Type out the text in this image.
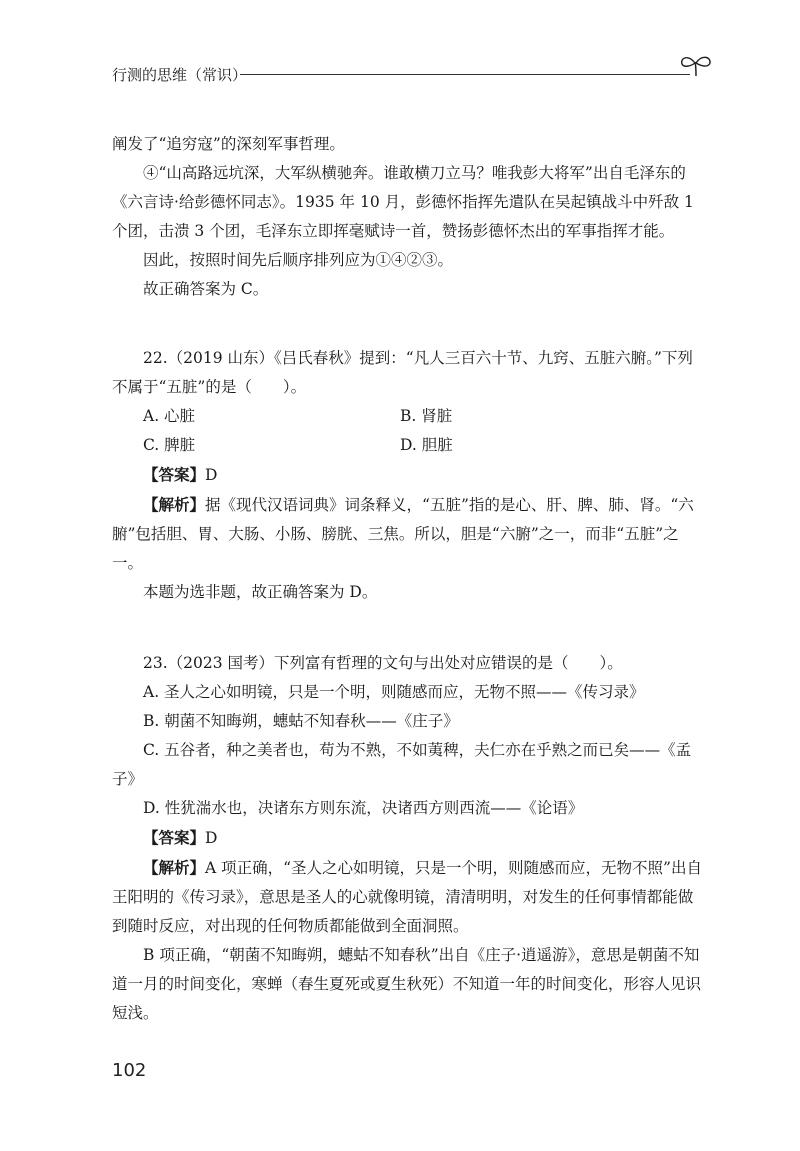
行测的思维（常识）

阐发了“追穷寇”的深刻军事哲理。

④“山高路远坑深，大军纵横驰奔。谁敢横刀立马？唯我彭大将军”出自毛泽东的《六言诗·给彭德怀同志》。1935 年 10 月，彭德怀指挥先遣队在吴起镇战斗中歼敌 1 个团，击溃 3 个团，毛泽东立即挥毫赋诗一首，赞扬彭德怀杰出的军事指挥才能。

因此，按照时间先后顺序排列应为①④②③。

故正确答案为 C。

22.（2019 山东）《吕氏春秋》提到：“凡人三百六十节、九窍、五脏六腑。”下列不属于“五脏”的是（　　）。

A. 心脏	B. 肾脏
C. 脾脏	D. 胆脏

【答案】D

【解析】据《现代汉语词典》词条释义，“五脏”指的是心、肝、脾、肺、肾。“六腑”包括胆、胃、大肠、小肠、膀胱、三焦。所以，胆是“六腑”之一，而非“五脏”之一。

本题为选非题，故正确答案为 D。

23.（2023 国考）下列富有哲理的文句与出处对应错误的是（　　）。

A. 圣人之心如明镜，只是一个明，则随感而应，无物不照——《传习录》

B. 朝菌不知晦朔，蟪蛄不知春秋——《庄子》

C. 五谷者，种之美者也，苟为不熟，不如荑稗，夫仁亦在乎熟之而已矣——《孟子》

D. 性犹湍水也，决诸东方则东流，决诸西方则西流——《论语》

【答案】D

【解析】A 项正确，“圣人之心如明镜，只是一个明，则随感而应，无物不照”出自王阳明的《传习录》，意思是圣人的心就像明镜，清清明明，对发生的任何事情都能做到随时反应，对出现的任何物质都能做到全面洞照。

B 项正确，“朝菌不知晦朔，蟪蛄不知春秋”出自《庄子·逍遥游》，意思是朝菌不知道一月的时间变化，寒蝉（春生夏死或夏生秋死）不知道一年的时间变化，形容人见识短浅。

102
